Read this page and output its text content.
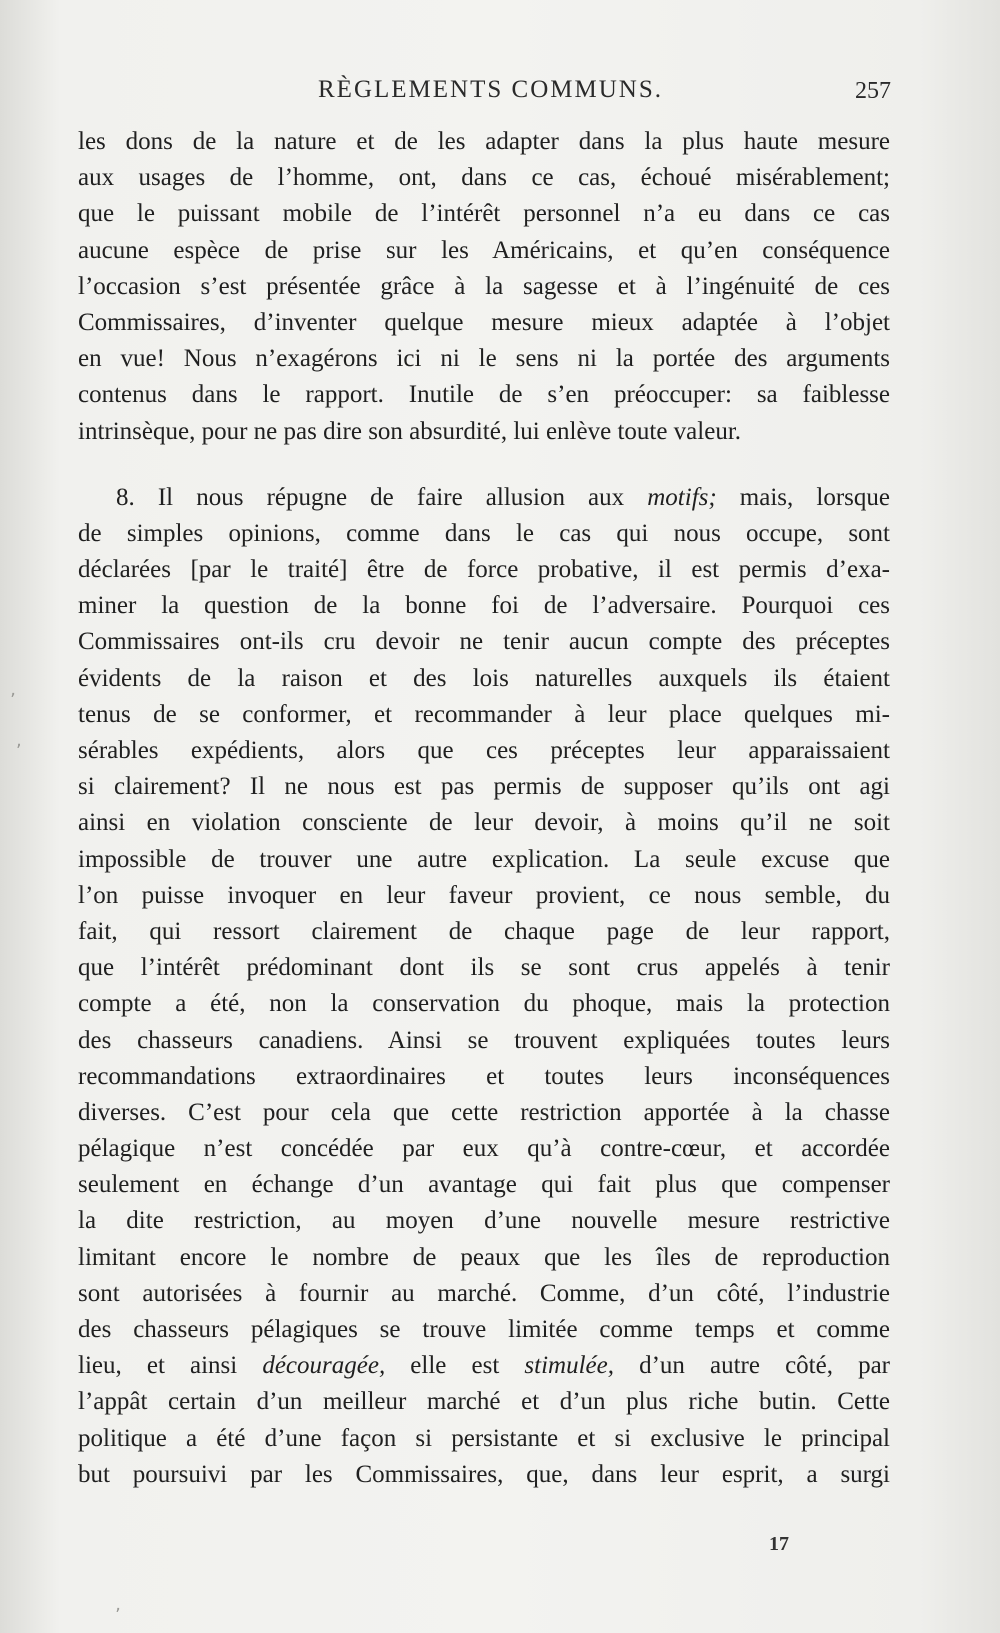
RÈGLEMENTS COMMUNS.	257
les dons de la nature et de les adapter dans la plus haute mesure
aux usages de l’homme, ont, dans ce cas, échoué misérablement;
que le puissant mobile de l’intérêt personnel n’a eu dans ce cas
aucune espèce de prise sur les Américains, et qu’en conséquence
l’occasion s’est présentée grâce à la sagesse et à l’ingénuité de ces
Commissaires, d’inventer quelque mesure mieux adaptée à l’objet
en vue! Nous n’exagérons ici ni le sens ni la portée des arguments
contenus dans le rapport. Inutile de s’en préoccuper: sa faiblesse
intrinsèque, pour ne pas dire son absurdité, lui enlève toute valeur.
8. Il nous répugne de faire allusion aux motifs; mais, lorsque
de simples opinions, comme dans le cas qui nous occupe, sont
déclarées [par le traité] être de force probative, il est permis d’exa-
miner la question de la bonne foi de l’adversaire. Pourquoi ces
Commissaires ont-ils cru devoir ne tenir aucun compte des préceptes
évidents de la raison et des lois naturelles auxquels ils étaient
tenus de se conformer, et recommander à leur place quelques mi-
sérables expédients, alors que ces préceptes leur apparaissaient
si clairement? Il ne nous est pas permis de supposer qu’ils ont agi
ainsi en violation consciente de leur devoir, à moins qu’il ne soit
impossible de trouver une autre explication. La seule excuse que
l’on puisse invoquer en leur faveur provient, ce nous semble, du
fait, qui ressort clairement de chaque page de leur rapport,
que l’intérêt prédominant dont ils se sont crus appelés à tenir
compte a été, non la conservation du phoque, mais la protection
des chasseurs canadiens. Ainsi se trouvent expliquées toutes leurs
recommandations extraordinaires et toutes leurs inconséquences
diverses. C’est pour cela que cette restriction apportée à la chasse
pélagique n’est concédée par eux qu’à contre-cœur, et accordée
seulement en échange d’un avantage qui fait plus que compenser
la dite restriction, au moyen d’une nouvelle mesure restrictive
limitant encore le nombre de peaux que les îles de reproduction
sont autorisées à fournir au marché. Comme, d’un côté, l’industrie
des chasseurs pélagiques se trouve limitée comme temps et comme
lieu, et ainsi découragée, elle est stimulée, d’un autre côté, par
l’appât certain d’un meilleur marché et d’un plus riche butin. Cette
politique a été d’une façon si persistante et si exclusive le principal
but poursuivi par les Commissaires, que, dans leur esprit, a surgi
17
ʼ
,
ʼ
